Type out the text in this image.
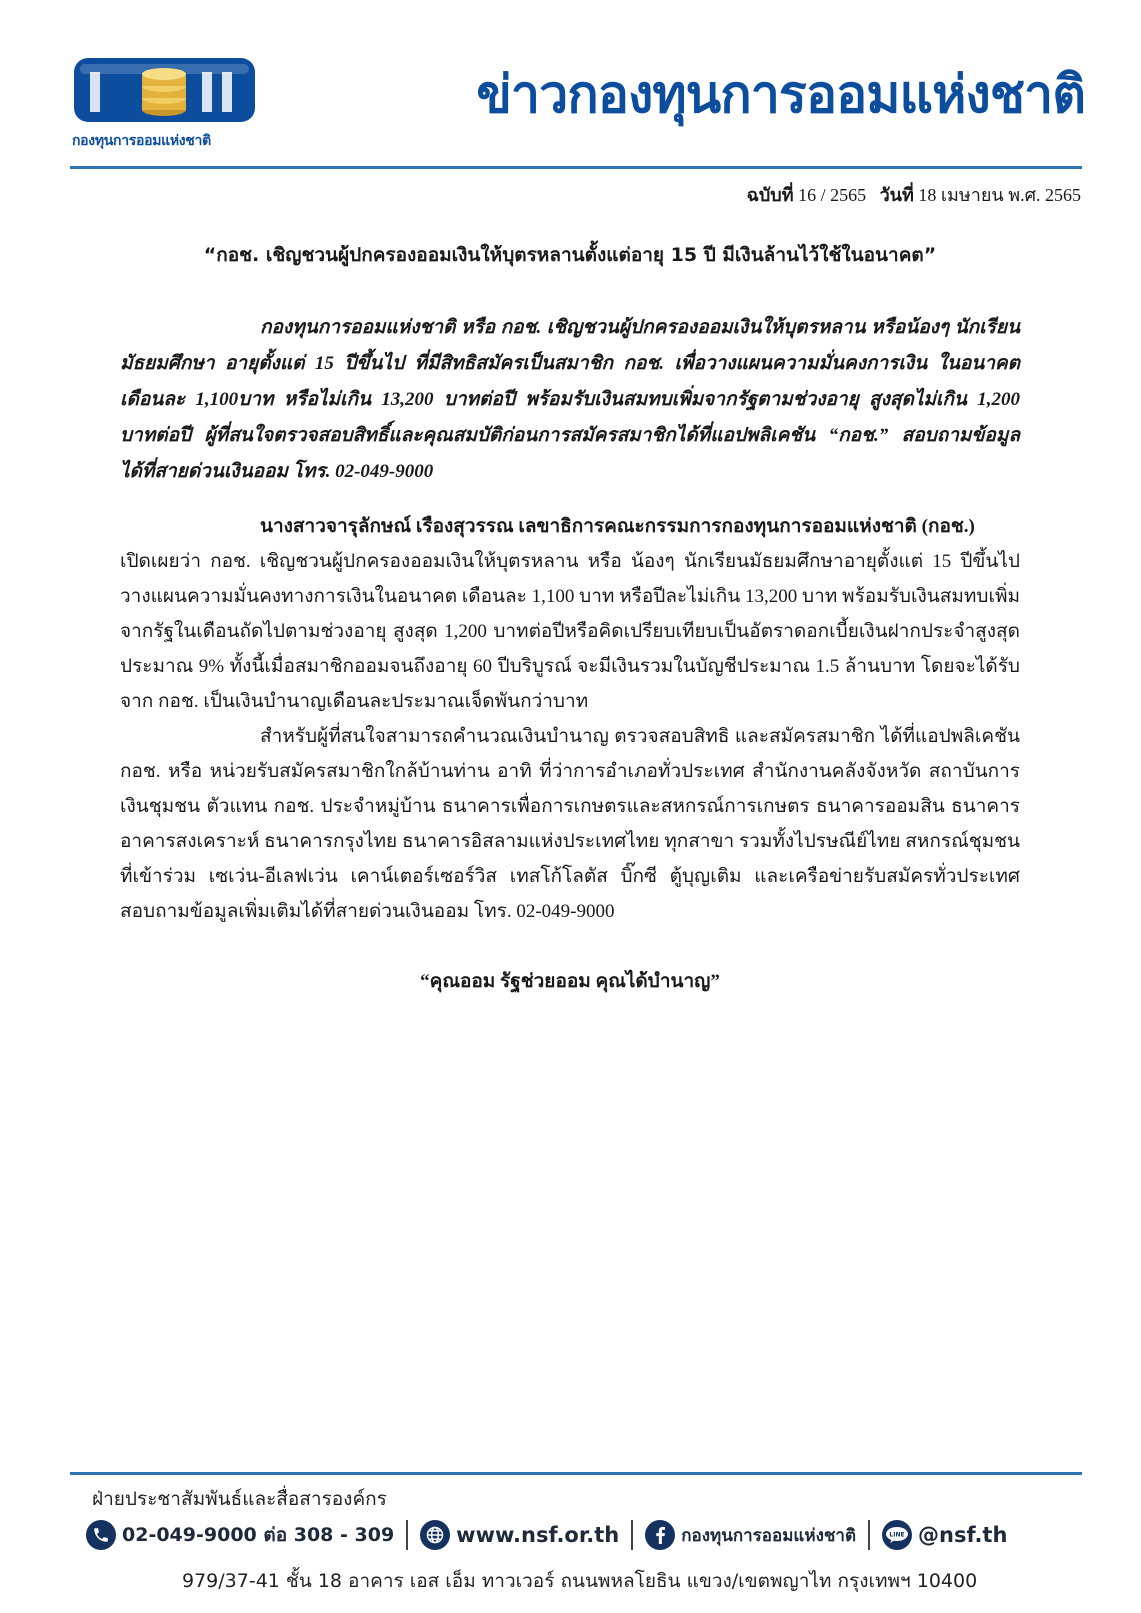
กองทุนการออมแห่งชาติ
ข่าวกองทุนการออมแห่งชาติ
ฉบับที่ 16 / 2565 วันที่ 18 เมษายน พ.ศ. 2565
“กอช. เชิญชวนผู้ปกครองออมเงินให้บุตรหลานตั้งแต่อายุ 15 ปี มีเงินล้านไว้ใช้ในอนาคต”
กองทุนการออมแห่งชาติ หรือ กอช. เชิญชวนผู้ปกครองออมเงินให้บุตรหลาน หรือน้องๆ นักเรียนมัธยมศึกษา อายุตั้งแต่ 15 ปีขึ้นไป ที่มีสิทธิสมัครเป็นสมาชิก กอช. เพื่อวางแผนความมั่นคงการเงิน ในอนาคต เดือนละ 1,100บาท หรือไม่เกิน 13,200 บาทต่อปี พร้อมรับเงินสมทบเพิ่มจากรัฐตามช่วงอายุ สูงสุดไม่เกิน 1,200 บาทต่อปี ผู้ที่สนใจตรวจสอบสิทธิ์และคุณสมบัติก่อนการสมัครสมาชิกได้ที่แอปพลิเคชัน “กอช.” สอบถามข้อมูลได้ที่สายด่วนเงินออม โทร. 02-049-9000

นางสาวจารุลักษณ์ เรืองสุวรรณ เลขาธิการคณะกรรมการกองทุนการออมแห่งชาติ (กอช.)

เปิดเผยว่า กอช. เชิญชวนผู้ปกครองออมเงินให้บุตรหลาน หรือ น้องๆ นักเรียนมัธยมศึกษาอายุตั้งแต่ 15 ปีขึ้นไป วางแผนความมั่นคงทางการเงินในอนาคต เดือนละ 1,100 บาท หรือปีละไม่เกิน 13,200 บาท พร้อมรับเงินสมทบเพิ่มจากรัฐในเดือนถัดไปตามช่วงอายุ สูงสุด 1,200 บาทต่อปีหรือคิดเปรียบเทียบเป็นอัตราดอกเบี้ยเงินฝากประจำสูงสุดประมาณ 9% ทั้งนี้เมื่อสมาชิกออมจนถึงอายุ 60 ปีบริบูรณ์ จะมีเงินรวมในบัญชีประมาณ 1.5 ล้านบาท โดยจะได้รับจาก กอช. เป็นเงินบำนาญเดือนละประมาณเจ็ดพันกว่าบาท

สำหรับผู้ที่สนใจสามารถคำนวณเงินบำนาญ ตรวจสอบสิทธิ และสมัครสมาชิก ได้ที่แอปพลิเคชัน กอช. หรือ หน่วยรับสมัครสมาชิกใกล้บ้านท่าน อาทิ ที่ว่าการอำเภอทั่วประเทศ สำนักงานคลังจังหวัด สถาบันการเงินชุมชน ตัวแทน กอช. ประจำหมู่บ้าน ธนาคารเพื่อการเกษตรและสหกรณ์การเกษตร ธนาคารออมสิน ธนาคารอาคารสงเคราะห์ ธนาคารกรุงไทย ธนาคารอิสลามแห่งประเทศไทย ทุกสาขา รวมทั้งไปรษณีย์ไทย สหกรณ์ชุมชนที่เข้าร่วม เซเว่น-อีเลฟเว่น เคาน์เตอร์เซอร์วิส เทสโก้โลตัส บิ๊กซี ตู้บุญเติม และเครือข่ายรับสมัครทั่วประเทศ สอบถามข้อมูลเพิ่มเติมได้ที่สายด่วนเงินออม โทร. 02-049-9000

“คุณออม รัฐช่วยออม คุณได้บำนาญ”
ฝ่ายประชาสัมพันธ์และสื่อสารองค์กร
02-049-9000 ต่อ 308 - 309	www.nsf.or.th	กองทุนการออมแห่งชาติ	LINE @nsf.th
979/37-41 ชั้น 18 อาคาร เอส เอ็ม ทาวเวอร์ ถนนพหลโยธิน แขวง/เขตพญาไท กรุงเทพฯ 10400
